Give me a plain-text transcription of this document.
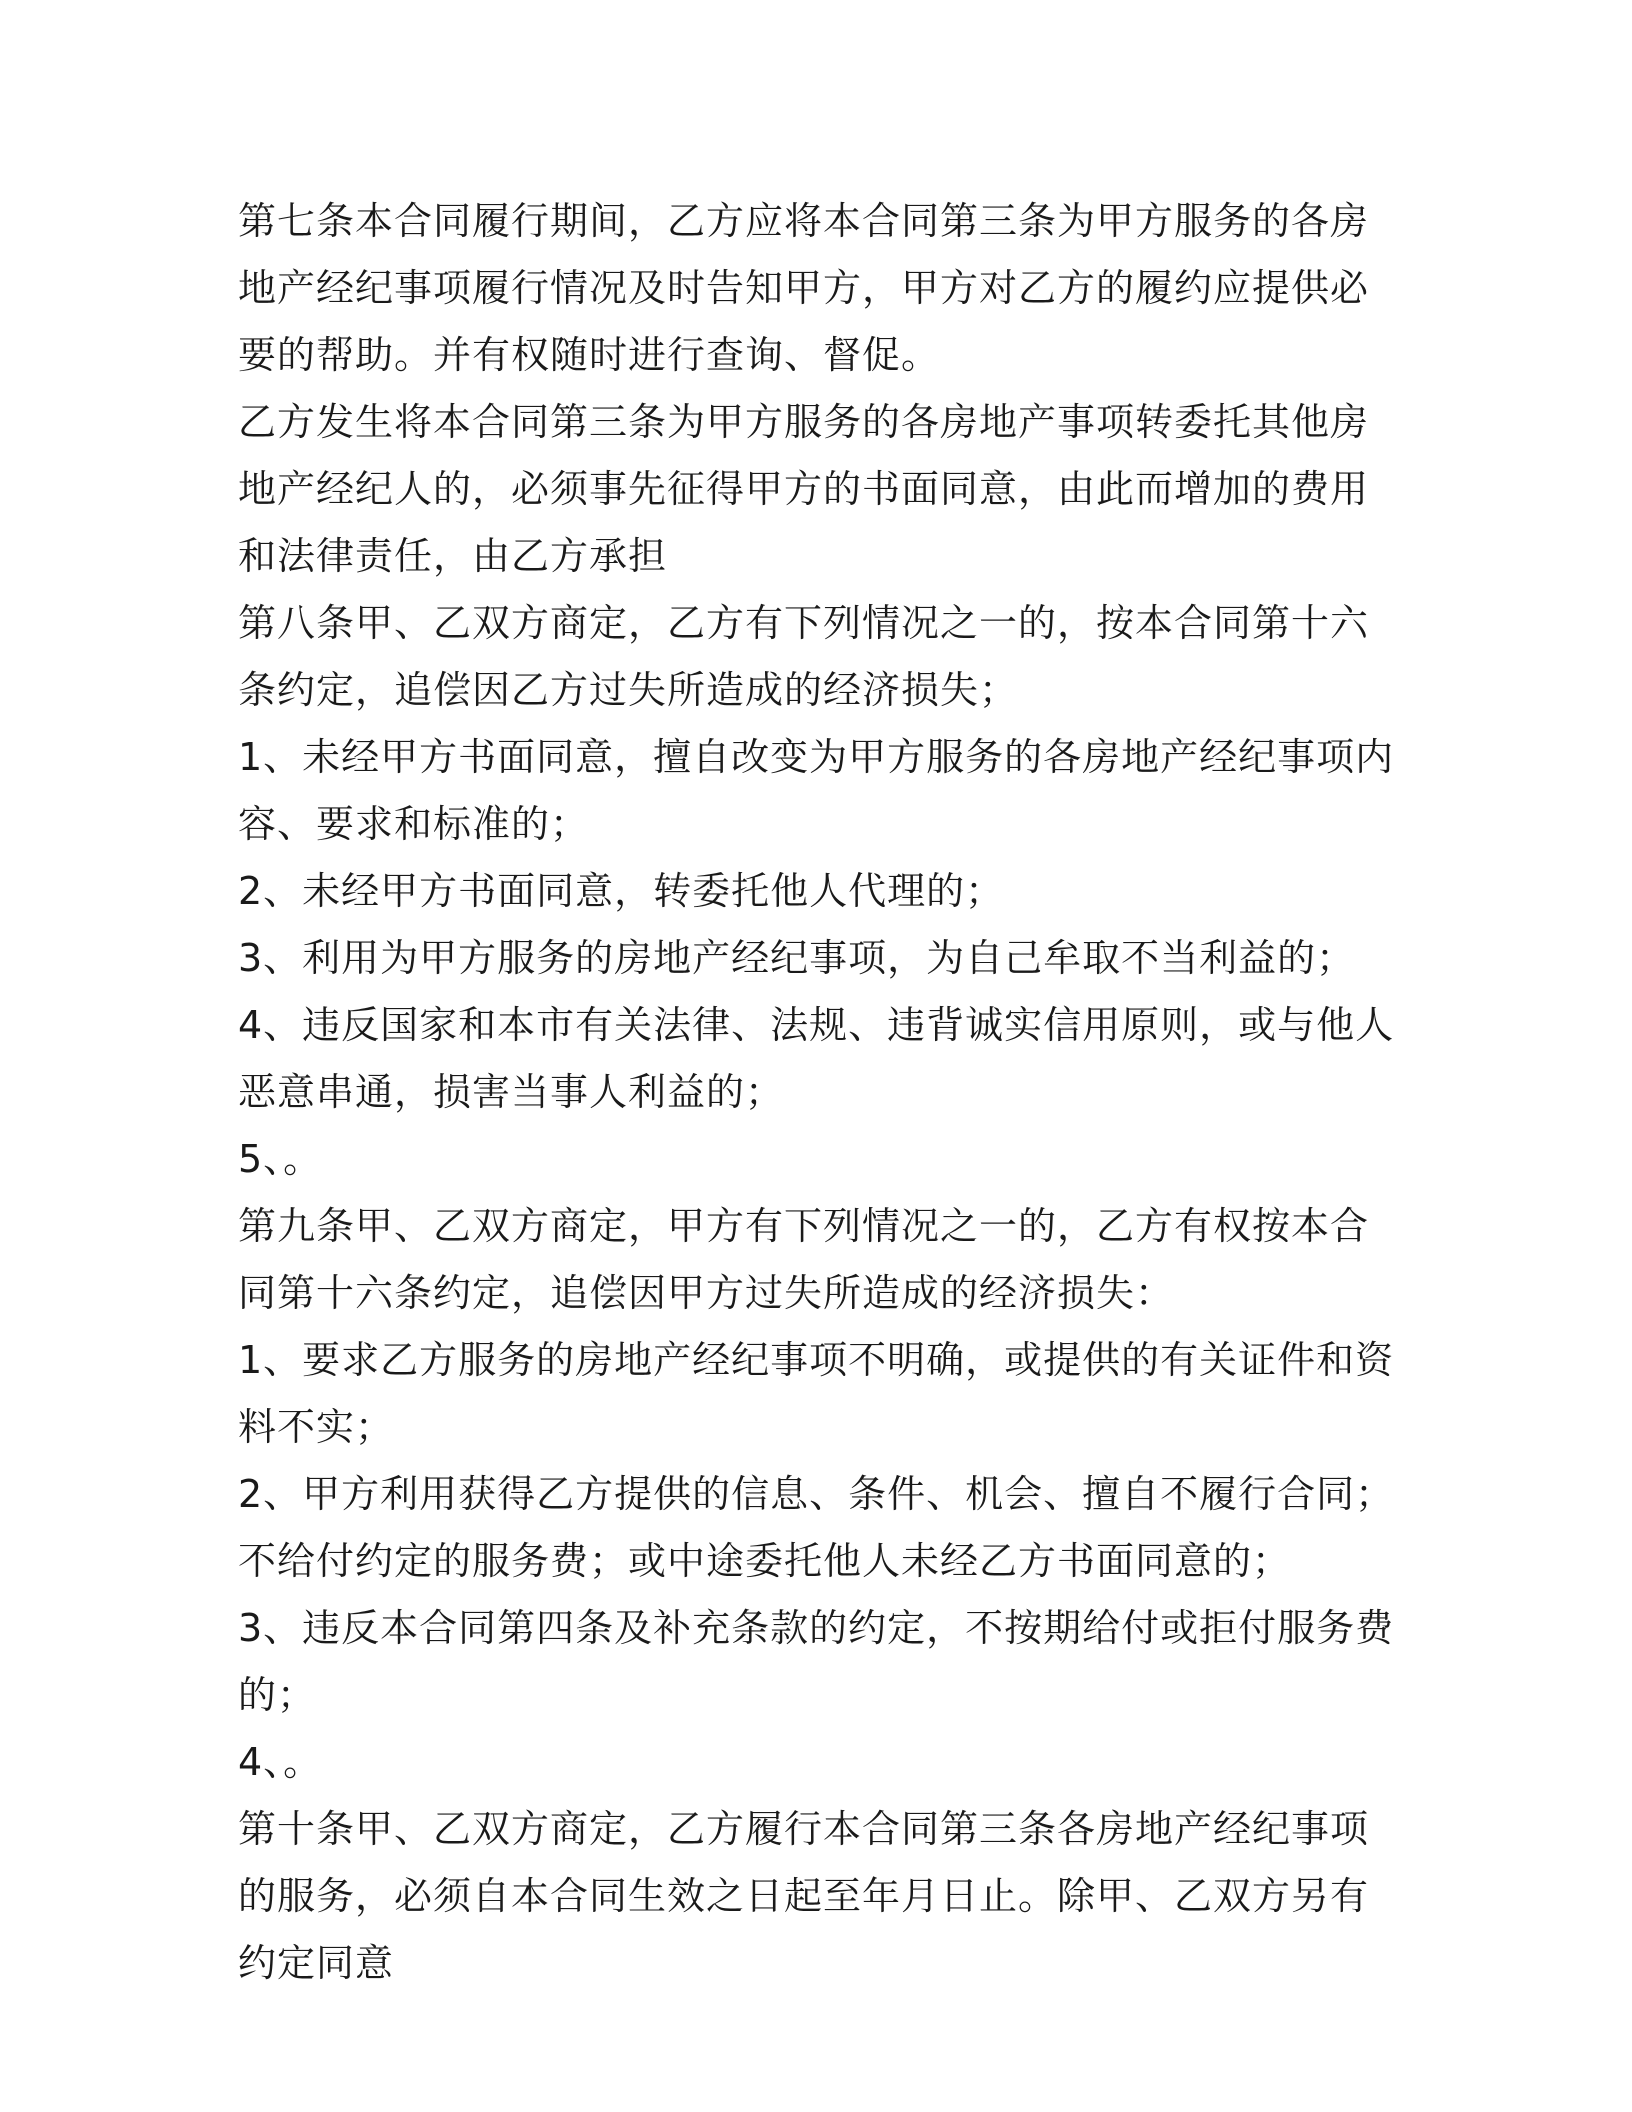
第七条本合同履行期间，乙方应将本合同第三条为甲方服务的各房地产经纪事项履行情况及时告知甲方，甲方对乙方的履约应提供必要的帮助。并有权随时进行查询、督促。

乙方发生将本合同第三条为甲方服务的各房地产事项转委托其他房地产经纪人的，必须事先征得甲方的书面同意，由此而增加的费用和法律责任，由乙方承担

第八条甲、乙双方商定，乙方有下列情况之一的，按本合同第十六条约定，追偿因乙方过失所造成的经济损失；

1、未经甲方书面同意，擅自改变为甲方服务的各房地产经纪事项内容、要求和标准的；

2、未经甲方书面同意，转委托他人代理的；

3、利用为甲方服务的房地产经纪事项，为自己牟取不当利益的；

4、违反国家和本市有关法律、法规、违背诚实信用原则，或与他人恶意串通，损害当事人利益的；

5、。

第九条甲、乙双方商定，甲方有下列情况之一的，乙方有权按本合同第十六条约定，追偿因甲方过失所造成的经济损失：

1、要求乙方服务的房地产经纪事项不明确，或提供的有关证件和资料不实；

2、甲方利用获得乙方提供的信息、条件、机会、擅自不履行合同；不给付约定的服务费；或中途委托他人未经乙方书面同意的；

3、违反本合同第四条及补充条款的约定，不按期给付或拒付服务费的；

4、。

第十条甲、乙双方商定，乙方履行本合同第三条各房地产经纪事项的服务，必须自本合同生效之日起至年月日止。除甲、乙双方另有约定同意
